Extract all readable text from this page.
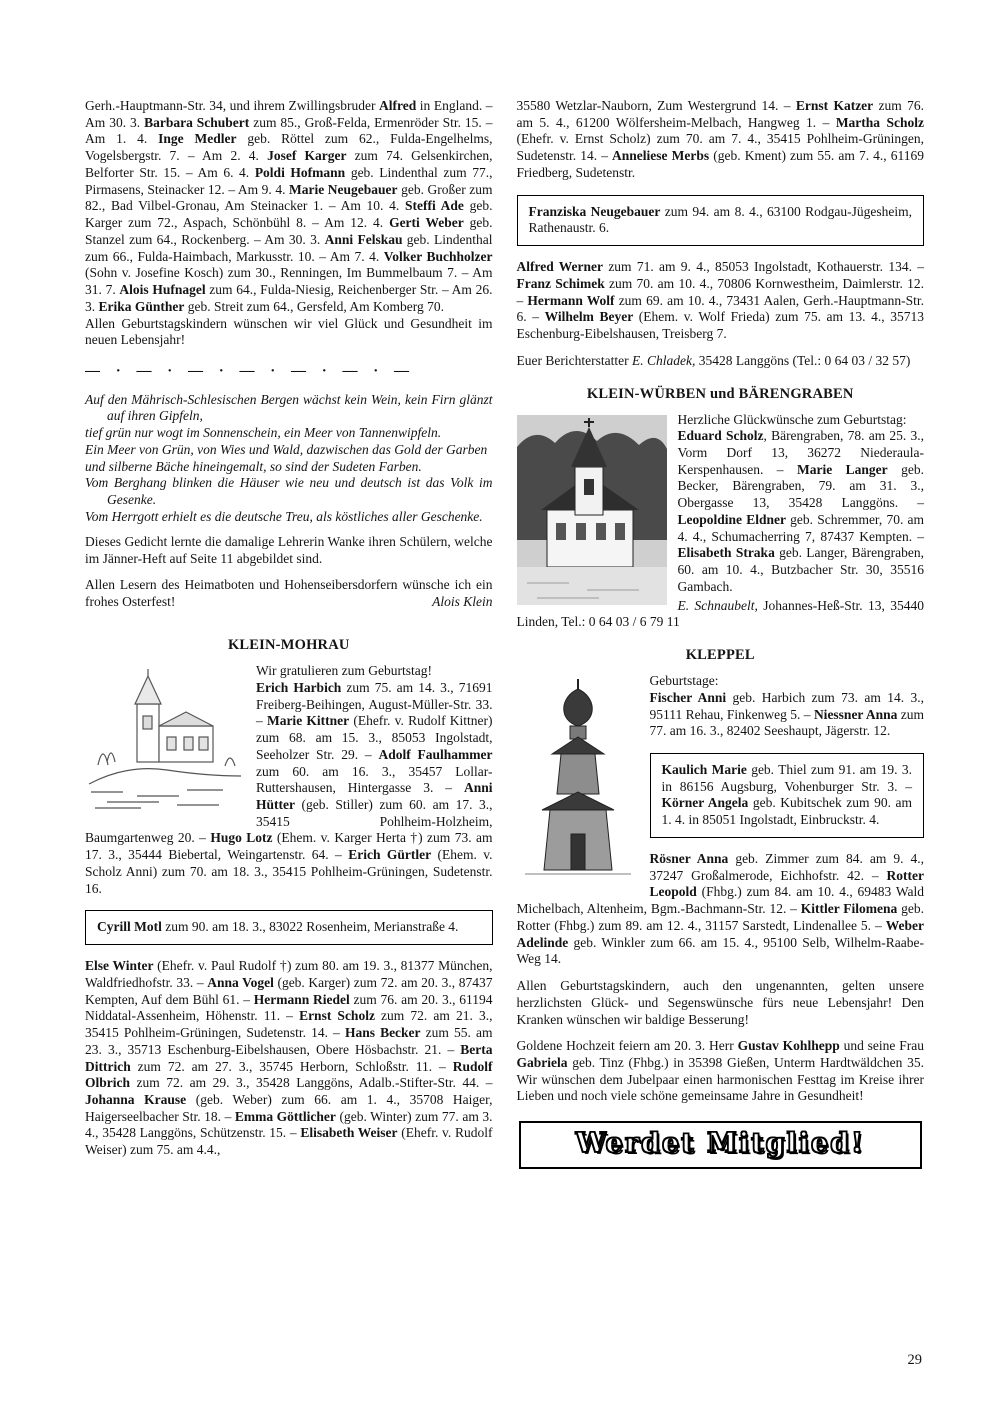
Gerh.-Hauptmann-Str. 34, und ihrem Zwillingsbruder Alfred in England. – Am 30. 3. Barbara Schubert zum 85., Groß-Felda, Ermenröder Str. 15. – Am 1. 4. Inge Medler geb. Röttel zum 62., Fulda-Engelhelms, Vogelsbergstr. 7. – Am 2. 4. Josef Karger zum 74. Gelsenkirchen, Belforter Str. 15. – Am 6. 4. Poldi Hofmann geb. Lindenthal zum 77., Pirmasens, Steinacker 12. – Am 9. 4. Marie Neugebauer geb. Großer zum 82., Bad Vilbel-Gronau, Am Steinacker 1. – Am 10. 4. Steffi Ade geb. Karger zum 72., Aspach, Schönbühl 8. – Am 12. 4. Gerti Weber geb. Stanzel zum 64., Rockenberg. – Am 30. 3. Anni Felskau geb. Lindenthal zum 66., Fulda-Haimbach, Markusstr. 10. – Am 7. 4. Volker Buchholzer (Sohn v. Josefine Kosch) zum 30., Renningen, Im Bummelbaum 7. – Am 31. 7. Alois Hufnagel zum 64., Fulda-Niesig, Reichenberger Str. – Am 26. 3. Erika Günther geb. Streit zum 64., Gersfeld, Am Komberg 70.

Allen Geburtstagskindern wünschen wir viel Glück und Gesundheit im neuen Lebensjahr!

— · — · — · — · — · — · —
Auf den Mährisch-Schlesischen Bergen wächst kein Wein, kein Firn glänzt auf ihren Gipfeln,
tief grün nur wogt im Sonnenschein, ein Meer von Tannenwipfeln.
Ein Meer von Grün, von Wies und Wald, dazwischen das Gold der Garben
und silberne Bäche hineingemalt, so sind der Sudeten Farben.
Vom Berghang blinken die Häuser wie neu und deutsch ist das Volk im Gesenke.
Vom Herrgott erhielt es die deutsche Treu, als köstliches aller Geschenke.

Dieses Gedicht lernte die damalige Lehrerin Wanke ihren Schülern, welche im Jänner-Heft auf Seite 11 abgebildet sind.

Allen Lesern des Heimatboten und Hohenseibersdorfern wünsche ich ein frohes Osterfest!	Alois Klein
KLEIN-MOHRAU

Wir gratulieren zum Geburtstag!

Erich Harbich zum 75. am 14. 3., 71691 Freiberg-Beihingen, August-Müller-Str. 33. – Marie Kittner (Ehefr. v. Rudolf Kittner) zum 68. am 15. 3., 85053 Ingolstadt, Seeholzer Str. 29. – Adolf Faulhammer zum 60. am 16. 3., 35457 Lollar-Ruttershausen, Hintergasse 3. – Anni Hütter (geb. Stiller) zum 60. am 17. 3., 35415 Pohlheim-Holzheim, Baumgartenweg 20. – Hugo Lotz (Ehem. v. Karger Herta †) zum 73. am 17. 3., 35444 Biebertal, Weingartenstr. 64. – Erich Gürtler (Ehem. v. Scholz Anni) zum 70. am 18. 3., 35415 Pohlheim-Grüningen, Sudetenstr. 16.

Cyrill Motl zum 90. am 18. 3., 83022 Rosenheim, Merianstraße 4.

Else Winter (Ehefr. v. Paul Rudolf †) zum 80. am 19. 3., 81377 München, Waldfriedhofstr. 33. – Anna Vogel (geb. Karger) zum 72. am 20. 3., 87437 Kempten, Auf dem Bühl 61. – Hermann Riedel zum 76. am 20. 3., 61194 Niddatal-Assenheim, Höhenstr. 11. – Ernst Scholz zum 72. am 21. 3., 35415 Pohlheim-Grüningen, Sudetenstr. 14. – Hans Becker zum 55. am 23. 3., 35713 Eschenburg-Eibelshausen, Obere Hösbachstr. 21. – Berta Dittrich zum 72. am 27. 3., 35745 Herborn, Schloßstr. 11. – Rudolf Olbrich zum 72. am 29. 3., 35428 Langgöns, Adalb.-Stifter-Str. 44. – Johanna Krause (geb. Weber) zum 66. am 1. 4., 35708 Haiger, Haigerseelbacher Str. 18. – Emma Göttlicher (geb. Winter) zum 77. am 3. 4., 35428 Langgöns, Schützenstr. 15. – Elisabeth Weiser (Ehefr. v. Rudolf Weiser) zum 75. am 4.4.,

35580 Wetzlar-Nauborn, Zum Westergrund 14. – Ernst Katzer zum 76. am 5. 4., 61200 Wölfersheim-Melbach, Hangweg 1. – Martha Scholz (Ehefr. v. Ernst Scholz) zum 70. am 7. 4., 35415 Pohlheim-Grüningen, Sudetenstr. 14. – Anneliese Merbs (geb. Kment) zum 55. am 7. 4., 61169 Friedberg, Sudetenstr.

Franziska Neugebauer zum 94. am 8. 4., 63100 Rodgau-Jügesheim, Rathenaustr. 6.

Alfred Werner zum 71. am 9. 4., 85053 Ingolstadt, Kothauerstr. 134. – Franz Schimek zum 70. am 10. 4., 70806 Kornwestheim, Daimlerstr. 12. – Hermann Wolf zum 69. am 10. 4., 73431 Aalen, Gerh.-Hauptmann-Str. 6. – Wilhelm Beyer (Ehem. v. Wolf Frieda) zum 75. am 13. 4., 35713 Eschenburg-Eibelshausen, Treisberg 7.

Euer Berichterstatter E. Chladek, 35428 Langgöns (Tel.: 0 64 03 / 32 57)

KLEIN-WÜRBEN und BÄRENGRABEN

Herzliche Glückwünsche zum Geburtstag:

Eduard Scholz, Bärengraben, 78. am 25. 3., Vorm Dorf 13, 36272 Niederaula-Kerspenhausen. – Marie Langer geb. Becker, Bärengraben, 79. am 31. 3., Obergasse 13, 35428 Langgöns. – Leopoldine Eldner geb. Schremmer, 70. am 4. 4., Schumacherring 7, 87437 Kempten. – Elisabeth Straka geb. Langer, Bärengraben, 60. am 10. 4., Butzbacher Str. 30, 35516 Gambach.

E. Schnaubelt, Johannes-Heß-Str. 13, 35440 Linden, Tel.: 0 64 03 / 6 79 11

KLEPPEL

Geburtstage:

Fischer Anni geb. Harbich zum 73. am 14. 3., 95111 Rehau, Finkenweg 5. – Niessner Anna zum 77. am 16. 3., 82402 Seeshaupt, Jägerstr. 12.

Kaulich Marie geb. Thiel zum 91. am 19. 3. in 86156 Augsburg, Vohenburger Str. 3. – Körner Angela geb. Kubitschek zum 90. am 1. 4. in 85051 Ingolstadt, Einbruckstr. 4.

Rösner Anna geb. Zimmer zum 84. am 9. 4., 37247 Großalmerode, Eichhofstr. 42. – Rotter Leopold (Fhbg.) zum 84. am 10. 4., 69483 Wald Michelbach, Altenheim, Bgm.-Bachmann-Str. 12. – Kittler Filomena geb. Rotter (Fhbg.) zum 89. am 12. 4., 31157 Sarstedt, Lindenallee 5. – Weber Adelinde geb. Winkler zum 66. am 15. 4., 95100 Selb, Wilhelm-Raabe-Weg 14.

Allen Geburtstagskindern, auch den ungenannten, gelten unsere herzlichsten Glück- und Segenswünsche fürs neue Lebensjahr! Den Kranken wünschen wir baldige Besserung!

Goldene Hochzeit feiern am 20. 3. Herr Gustav Kohlhepp und seine Frau Gabriela geb. Tinz (Fhbg.) in 35398 Gießen, Unterm Hardtwäldchen 35. Wir wünschen dem Jubelpaar einen harmonischen Festtag im Kreise ihrer Lieben und noch viele schöne gemeinsame Jahre in Gesundheit!

Werdet Mitglied!
29
